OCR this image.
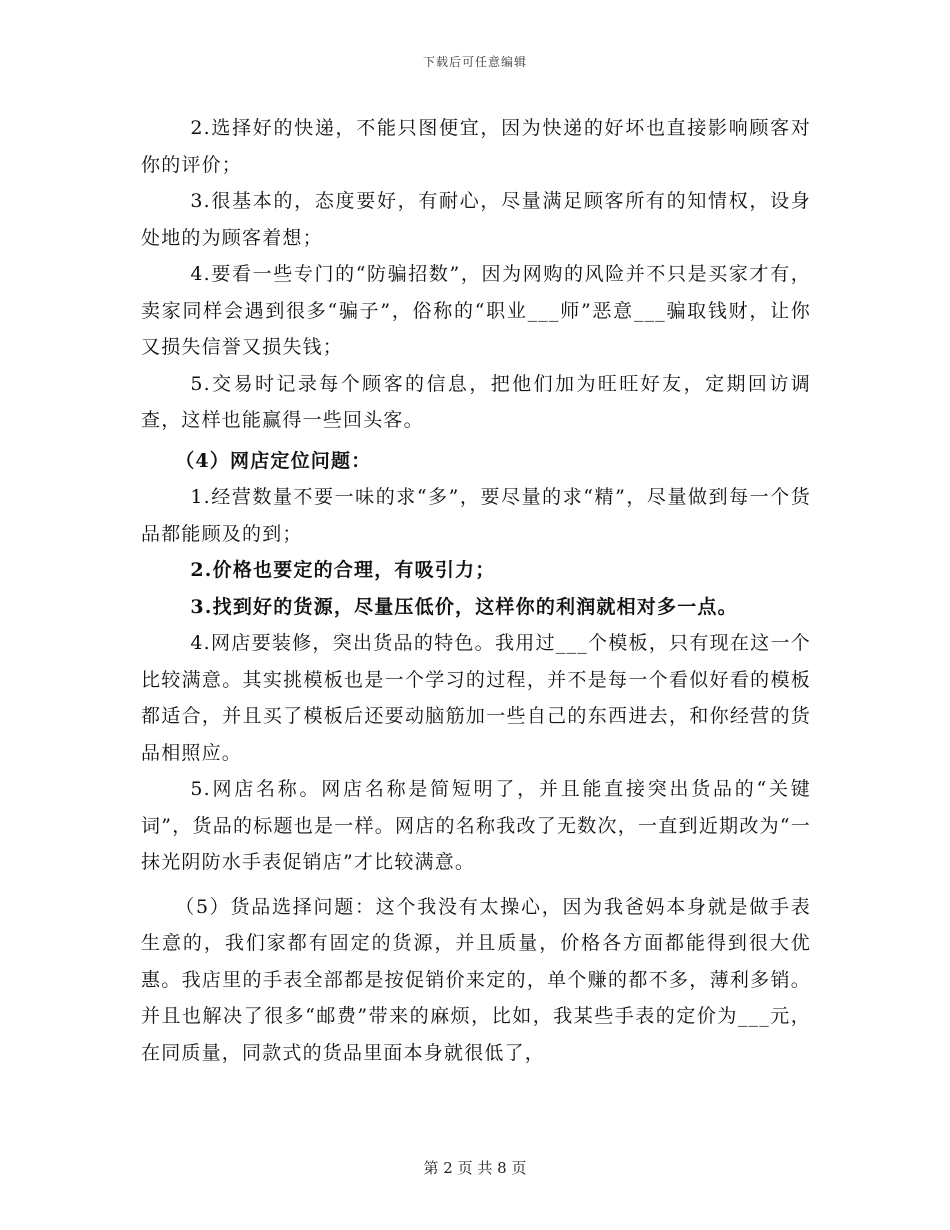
下载后可任意编辑

2.选择好的快递，不能只图便宜，因为快递的好坏也直接影响顾客对你的评价；

3.很基本的，态度要好，有耐心，尽量满足顾客所有的知情权，设身处地的为顾客着想；

4.要看一些专门的“防骗招数”，因为网购的风险并不只是买家才有，卖家同样会遇到很多“骗子”，俗称的“职业___师”恶意___骗取钱财，让你又损失信誉又损失钱；

5.交易时记录每个顾客的信息，把他们加为旺旺好友，定期回访调查，这样也能赢得一些回头客。

（4）网店定位问题：

1.经营数量不要一味的求“多”，要尽量的求“精”，尽量做到每一个货品都能顾及的到；

2.价格也要定的合理，有吸引力；

3.找到好的货源，尽量压低价，这样你的利润就相对多一点。

4.网店要装修，突出货品的特色。我用过___个模板，只有现在这一个比较满意。其实挑模板也是一个学习的过程，并不是每一个看似好看的模板都适合，并且买了模板后还要动脑筋加一些自己的东西进去，和你经营的货品相照应。

5.网店名称。网店名称是简短明了，并且能直接突出货品的“关键词”，货品的标题也是一样。网店的名称我改了无数次，一直到近期改为“一抹光阴防水手表促销店”才比较满意。

（5）货品选择问题：这个我没有太操心，因为我爸妈本身就是做手表生意的，我们家都有固定的货源，并且质量，价格各方面都能得到很大优惠。我店里的手表全部都是按促销价来定的，单个赚的都不多，薄利多销。并且也解决了很多“邮费”带来的麻烦，比如，我某些手表的定价为___元，在同质量，同款式的货品里面本身就很低了，

第 2 页 共 8 页
